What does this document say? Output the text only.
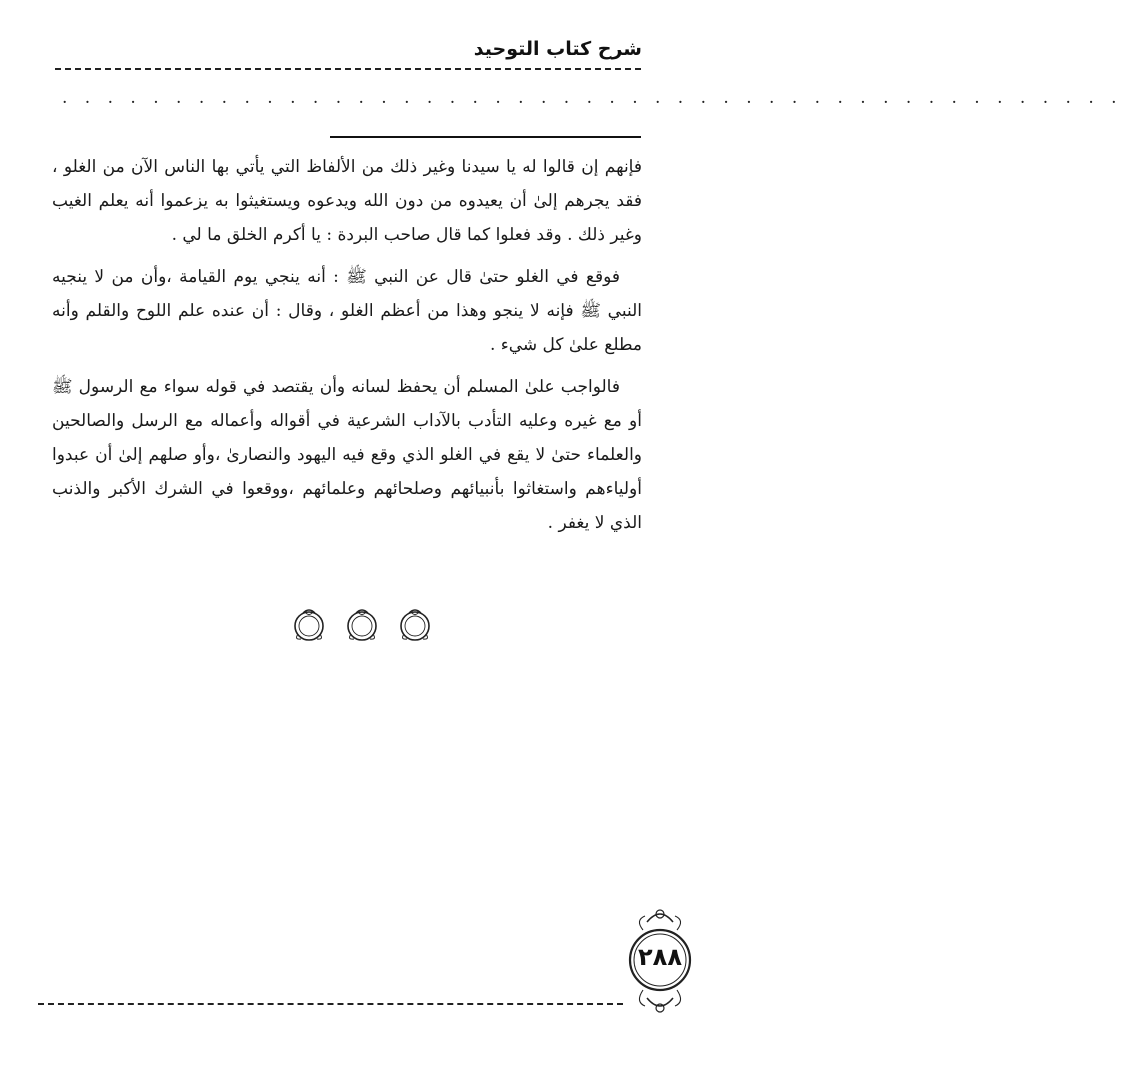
شرح كتاب التوحيد
. . . . . . . . . . . . . . . . . . . . . . . . . . . . . . . . . . . . . . . . . . . . . . .

فإنهم إن قالوا له يا سيدنا وغير ذلك من الألفاظ التي يأتي بها الناس الآن من الغلو ، فقد يجرهم إلىٰ أن يعيدوه من دون الله ويدعوه ويستغيثوا به يزعموا أنه يعلم الغيب وغير ذلك . وقد فعلوا كما قال صاحب البردة : يا أكرم الخلق ما لي .

فوقع في الغلو حتىٰ قال عن النبي ﷺ : أنه ينجي يوم القيامة ،وأن من لا ينجيه النبي ﷺ فإنه لا ينجو وهذا من أعظم الغلو ، وقال : أن عنده علم اللوح والقلم وأنه مطلع علىٰ كل شيء .

فالواجب علىٰ المسلم أن يحفظ لسانه وأن يقتصد في قوله سواء مع الرسول ﷺ أو مع غيره وعليه التأدب بالآداب الشرعية في أقواله وأعماله مع الرسل والصالحين والعلماء حتىٰ لا يقع في الغلو الذي وقع فيه اليهود والنصارىٰ ،وأو صلهم إلىٰ أن عبدوا أولياءهم واستغاثوا بأنبيائهم وصلحائهم وعلمائهم ،ووقعوا في الشرك الأكبر والذنب الذي لا يغفر .

٢٨٨
